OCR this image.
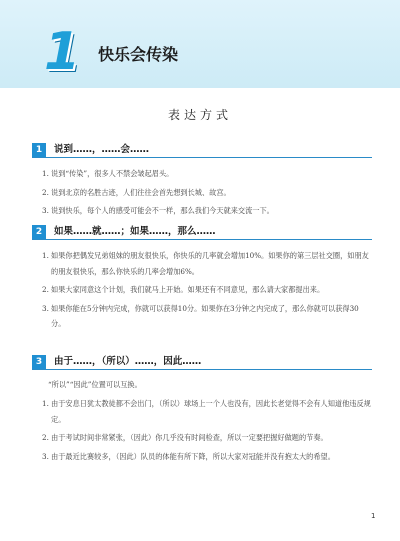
1 快乐会传染
表达方式
1	说到……，……会……
1. 说到“传染”，很多人不禁会皱起眉头。
2. 说到北京的名胜古迹，人们往往会首先想到长城、故宫。
3. 说到快乐，每个人的感受可能会不一样，那么我们今天就来交流一下。
2	如果……就……；如果……，那么……
1. 如果你把偶发兄弟姐妹的朋友很快乐，你快乐的几率就会增加10%。如果你的第三层社交圈，如朋友的朋友很快乐，那么你快乐的几率会增加6%。
2. 如果大家同意这个计划，我们就马上开始。如果还有不同意见，那么请大家都提出来。
3. 如果你能在5分钟内完成，你就可以获得10分。如果你在3分钟之内完成了，那么你就可以获得30分。
3	由于……，（所以）……，因此……
“所以”“因此”位置可以互换。
1. 由于安息日犹太教徒都不会出门，（所以）球场上一个人也没有，因此长老觉得不会有人知道他违反规定。
2. 由于考试时间非常紧张，（因此）你几乎没有时间检查，所以一定要把握好做题的节奏。
3. 由于最近比赛较多，（因此）队员的体能有所下降，所以大家对冠能并没有抱太大的希望。
1
